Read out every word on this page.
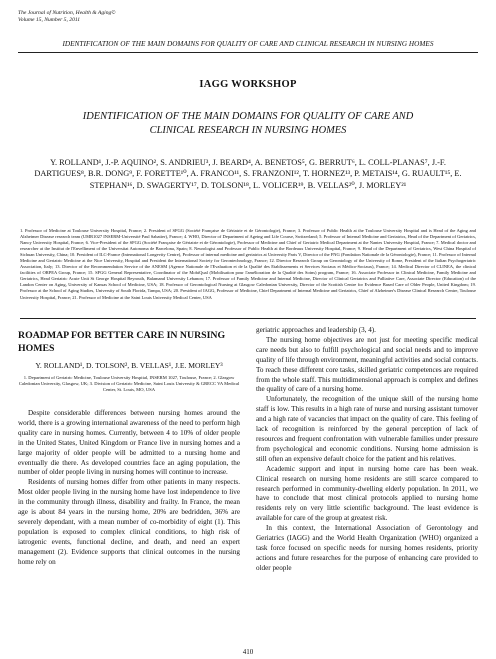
The Journal of Nutrition, Health & Aging©
Volume 15, Number 5, 2011
IDENTIFICATION OF THE MAIN DOMAINS FOR QUALITY OF CARE AND CLINICAL RESEARCH IN NURSING HOMES
IAGG WORKSHOP
IDENTIFICATION OF THE MAIN DOMAINS FOR QUALITY OF CARE AND CLINICAL RESEARCH IN NURSING HOMES
Y. ROLLAND¹, J.-P. AQUINO², S. ANDRIEU³, J. BEARD⁴, A. BENETOS⁵, G. BERRUT⁶, L. COLL-PLANAS⁷, J.-F. DARTIGUES⁸, B.R. DONG⁹, F. FORETTE¹⁰, A. FRANCO¹¹, S. FRANZONI¹², T. HORNEZ¹³, P. METAIS¹⁴, G. RUAULT¹⁵, E. STEPHAN¹⁶, D. SWAGERTY¹⁷, D. TOLSON¹⁸, L. VOLICER¹⁹, B. VELLAS²⁰, J. MORLEY²¹
1. Professor of Medicine at Toulouse University Hospital, France; 2. President of SFGG (Société Française de Gériatrie et de Gérontologie), France; 3. Professor of Public Health at the Toulouse University Hospital and is Head of the Aging and Alzheimer Disease research team (UMR1027 INSERM-Université Paul Sabatier), France; 4. WHO, Director of Department of Ageing and Life Course, Switzerland; 5. Professor of Internal Medicine and Geriatrics, Head of the Department of Geriatrics, Nancy University Hospital, France; 6. Vice-President of the SFGG (Société Française de Gériatrie et de Gérontologie), Professor of Medicine and Chief of Geriatric Medical Department at the Nantes University Hospital, France; 7. Medical doctor and researcher at the Institut de l'Envelliment of the Universitat Autonoma de Barcelona, Spain; 8. Neurologist and Professor of Public Health at the Bordeaux University Hospital, France; 9. Head of the Department of Geriatrics, West China Hospital of Sichuan University, China; 10. President of ILC-France (International Longevity Centre), Professor of internal medicine and geriatrics at University Paris V, Director of the FNG (Fondation Nationale de la Gérontologie), France; 11. Professor of Internal Medicine and Geriatric Medicine at the Nice University, Hospital and President the International Society for Gerontechnology, France; 12. Director Research Group on Gerontology of the University of Rome, President of the Italian Psychogeriatric Association, Italy; 13. Director of the Recommendation Service of the ANESM (Agence Nationale de l'Evaluation et de la Qualité des Etablissements et Services Sociaux et Médico-Sociaux), France; 14. Medical Director of CLINEA, the clinical facilities of ORPEA Group, France; 15. SFGG General Representative, Coordinator of the MobiQual (Mobilisation pour l'amélioration de la Qualité des Soins) program, France; 16. Associate Professor in Clinical Medicine, Family Medicine and Geriatrics, Head Geriatric Acute Unit St George Hospital Beyrouth, Balamand University Lebanon; 17. Professor of Family Medicine and Internal Medicine, Director of Clinical Geriatrics and Palliative Care, Associate Director (Education) of the Landon Center on Aging, University of Kansas School of Medicine, USA; 18. Professor of Gerontological Nursing at Glasgow Caledonian University, Director of the Scottish Centre for Evidence Based Care of Older People, United Kingdom; 19. Professor at the School of Aging Studies, University of South Florida, Tampa, USA; 20. President of IAGG, Professor of Medicine, Chief Department of Internal Medicine and Geriatrics, Chief of Alzheimer's Disease Clinical Research Centre, Toulouse University Hospital, France; 21. Professor of Medicine at the Saint Louis University Medical Center, USA
ROADMAP FOR BETTER CARE IN NURSING HOMES
Y. ROLLAND¹, D. TOLSON², B. VELLAS¹, J.E. MORLEY³
1. Department of Geriatric Medicine, Toulouse University Hospital, INSERM 1027, Toulouse, France; 2. Glasgow Caledonian University, Glasgow, UK; 3. Division of Geriatric Medicine, Saint Louis University & GRECC VA Medical Center, St. Louis, MO, USA

Despite considerable differences between nursing homes around the world, there is a growing international awareness of the need to perform high quality care in nursing homes. Currently, between 4 to 10% of older people in the United States, United Kingdom or France live in nursing homes and a large majority of older people will be admitted to a nursing home and eventually die there. As developed countries face an aging population, the number of older people living in nursing homes will continue to increase.

Residents of nursing homes differ from other patients in many respects. Most older people living in the nursing home have lost independence to live in the community through illness, disability and frailty. In France, the mean age is about 84 years in the nursing home, 20% are bedridden, 36% are severely dependant, with a mean number of co-morbidity of eight (1). This population is exposed to complex clinical conditions, to high risk of iatrogenic events, functional decline, and death, and need an expert management (2). Evidence supports that clinical outcomes in the nursing home rely on

geriatric approaches and leadership (3, 4).

The nursing home objectives are not just for meeting specific medical care needs but also to fulfill psychological and social needs and to improve quality of life through environment, meaningful activities and social contacts. To reach these different core tasks, skilled geriatric competences are required from the whole staff. This multidimensional approach is complex and defines the quality of care of a nursing home.

Unfortunately, the recognition of the unique skill of the nursing home staff is low. This results in a high rate of nurse and nursing assistant turnover and a high rate of vacancies that impact on the quality of care. This feeling of lack of recognition is reinforced by the general perception of lack of resources and frequent confrontation with vulnerable families under pressure from psychological and economic conditions. Nursing home admission is still often an expensive default choice for the patient and his relatives.

Academic support and input in nursing home care has been weak. Clinical research on nursing home residents are still scarce compared to research performed in community-dwelling elderly population. In 2011, we have to conclude that most clinical protocols applied to nursing home residents rely on very little scientific background. The least evidence is available for care of the group at greatest risk.

In this context, the International Association of Gerontology and Geriatrics (IAGG) and the World Health Organization (WHO) organized a task force focused on specific needs for nursing homes residents, priority actions and future researches for the purpose of enhancing care provided to older people

410
